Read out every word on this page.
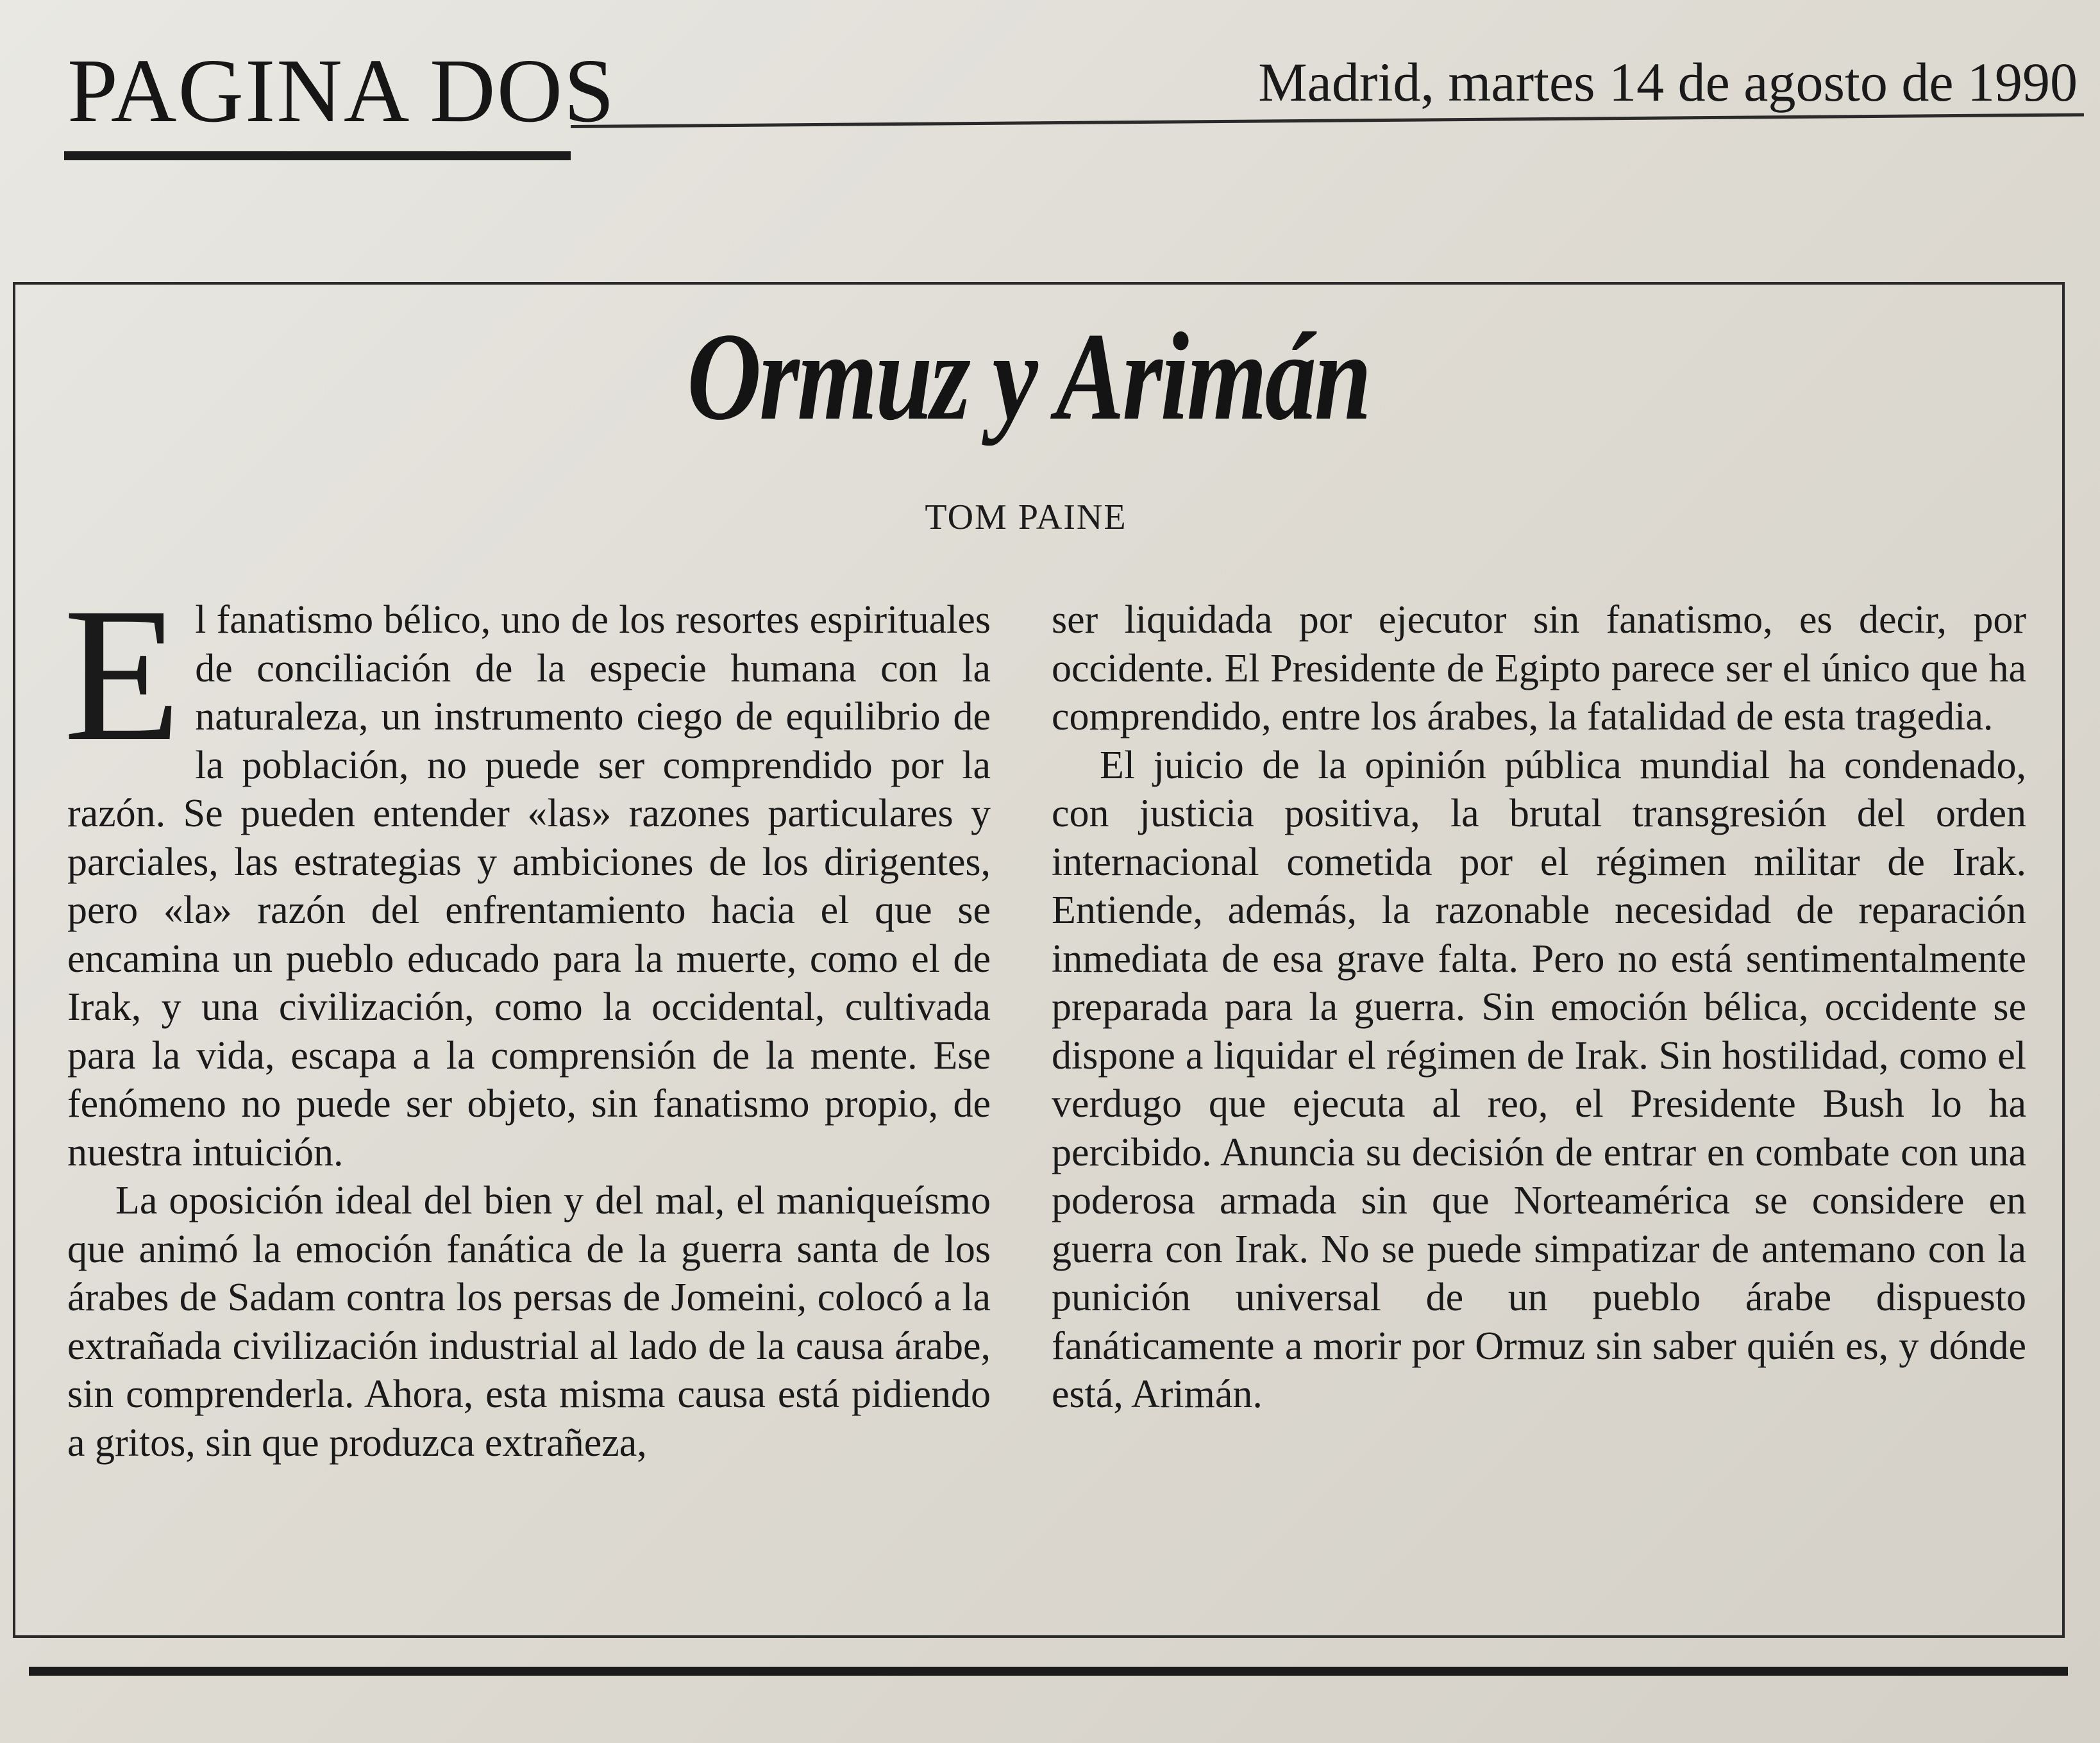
PAGINA DOS	Madrid, martes 14 de agosto de 1990
Ormuz y Arimán
TOM PAINE

El fanatismo bélico, uno de los resortes espirituales de conciliación de la especie humana con la naturaleza, un instrumento ciego de equilibrio de la población, no puede ser comprendido por la razón. Se pueden entender «las» razones particulares y parciales, las estrategias y ambiciones de los dirigentes, pero «la» razón del enfrentamiento hacia el que se encamina un pueblo educado para la muerte, como el de Irak, y una civilización, como la occidental, cultivada para la vida, escapa a la comprensión de la mente. Ese fenómeno no puede ser objeto, sin fanatismo propio, de nuestra intuición.

La oposición ideal del bien y del mal, el maniqueísmo que animó la emoción fanática de la guerra santa de los árabes de Sadam contra los persas de Jomeini, colocó a la extrañada civilización industrial al lado de la causa árabe, sin comprenderla. Ahora, esta misma causa está pidiendo a gritos, sin que produzca extrañeza,

ser liquidada por ejecutor sin fanatismo, es decir, por occidente. El Presidente de Egipto parece ser el único que ha comprendido, entre los árabes, la fatalidad de esta tragedia.

El juicio de la opinión pública mundial ha condenado, con justicia positiva, la brutal transgresión del orden internacional cometida por el régimen militar de Irak. Entiende, además, la razonable necesidad de reparación inmediata de esa grave falta. Pero no está sentimentalmente preparada para la guerra. Sin emoción bélica, occidente se dispone a liquidar el régimen de Irak. Sin hostilidad, como el verdugo que ejecuta al reo, el Presidente Bush lo ha percibido. Anuncia su decisión de entrar en combate con una poderosa armada sin que Norteamérica se considere en guerra con Irak. No se puede simpatizar de antemano con la punición universal de un pueblo árabe dispuesto fanáticamente a morir por Ormuz sin saber quién es, y dónde está, Arimán.
